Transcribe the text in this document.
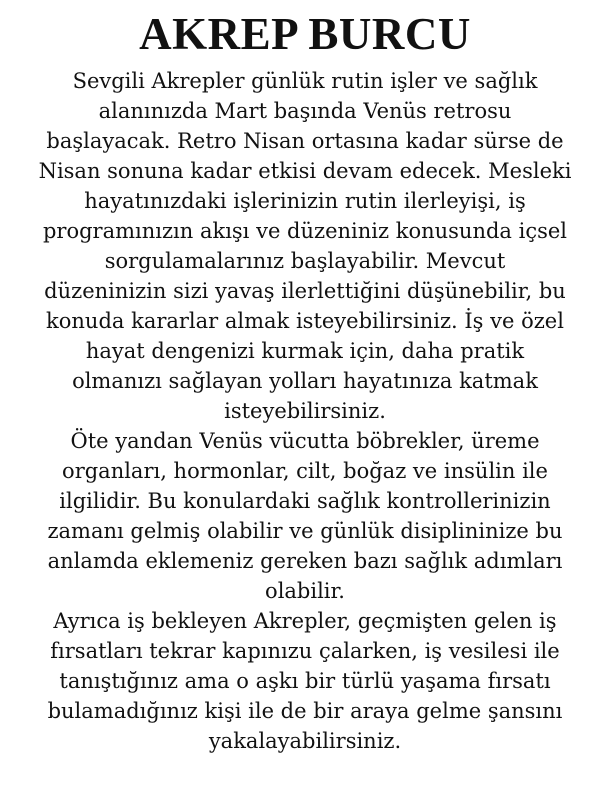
AKREP BURCU
Sevgili Akrepler günlük rutin işler ve sağlık
alanınızda Mart başında Venüs retrosu
başlayacak. Retro Nisan ortasına kadar sürse de
Nisan sonuna kadar etkisi devam edecek. Mesleki
hayatınızdaki işlerinizin rutin ilerleyişi, iş
programınızın akışı ve düzeniniz konusunda içsel
sorgulamalarınız başlayabilir. Mevcut
düzeninizin sizi yavaş ilerlettiğini düşünebilir, bu
konuda kararlar almak isteyebilirsiniz. İş ve özel
hayat dengenizi kurmak için, daha pratik
olmanızı sağlayan yolları hayatınıza katmak
isteyebilirsiniz.
Öte yandan Venüs vücutta böbrekler, üreme
organları, hormonlar, cilt, boğaz ve insülin ile
ilgilidir. Bu konulardaki sağlık kontrollerinizin
zamanı gelmiş olabilir ve günlük disiplininize bu
anlamda eklemeniz gereken bazı sağlık adımları
olabilir.
Ayrıca iş bekleyen Akrepler, geçmişten gelen iş
fırsatları tekrar kapınızu çalarken, iş vesilesi ile
tanıştığınız ama o aşkı bir türlü yaşama fırsatı
bulamadığınız kişi ile de bir araya gelme şansını
yakalayabilirsiniz.
